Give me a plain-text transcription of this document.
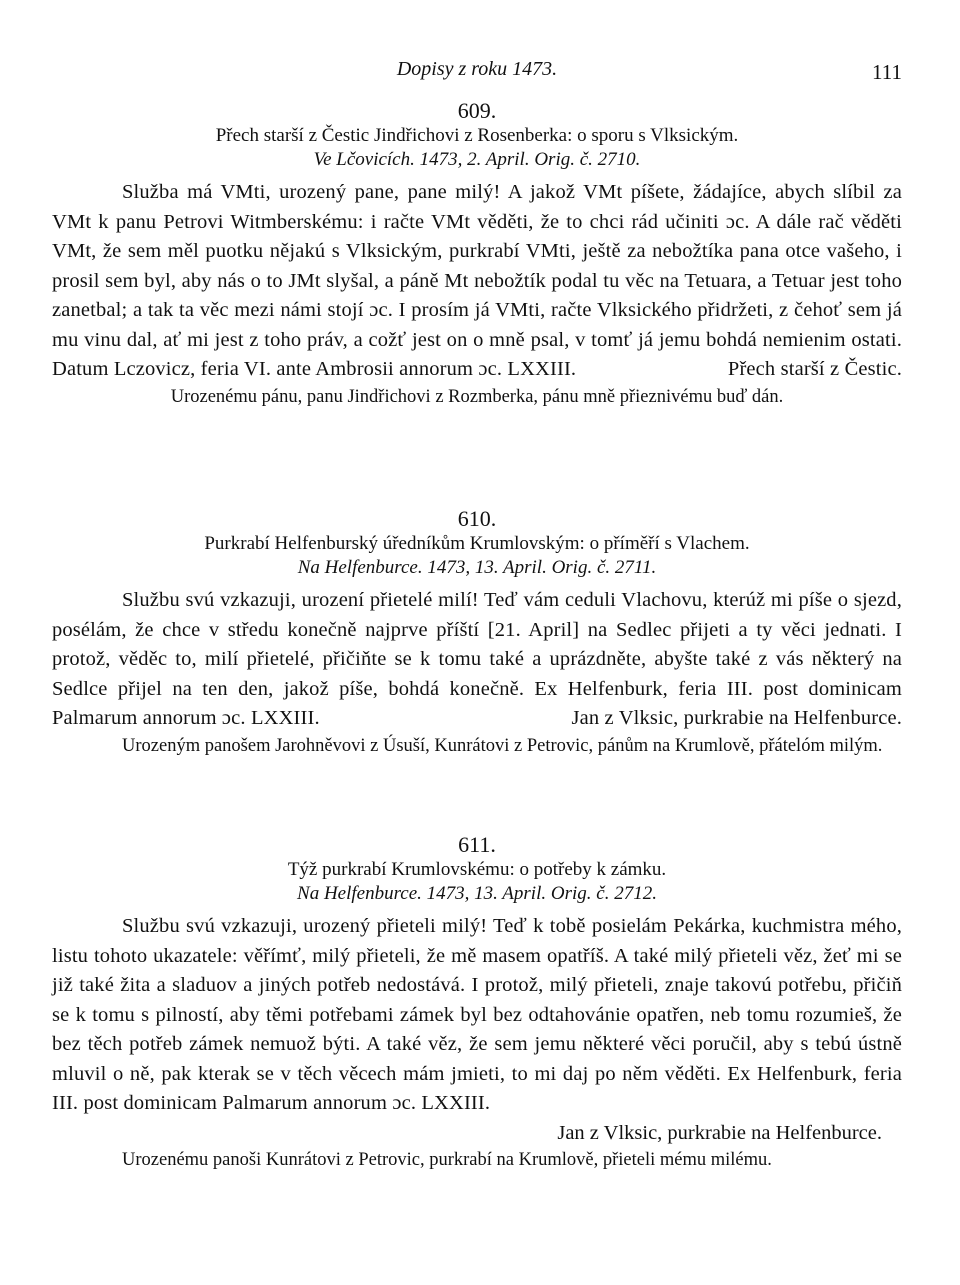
Dopisy z roku 1473.	111

609.

Přech starší z Čestic Jindřichovi z Rosenberka: o sporu s Vlksickým.

Ve Lčovicích. 1473, 2. April. Orig. č. 2710.

Služba má VMti, urozený pane, pane milý! A jakož VMt píšete, žádajíce, abych slíbil za VMt k panu Petrovi Witmberskému: i račte VMt věděti, že to chci rád učiniti ɔc. A dále rač věděti VMt, že sem měl puotku nějakú s Vlksickým, purkrabí VMti, ještě za nebožtíka pana otce vašeho, i prosil sem byl, aby nás o to JMt slyšal, a páně Mt nebožtík podal tu věc na Tetuara, a Tetuar jest toho zanetbal; a tak ta věc mezi námi stojí ɔc. I prosím já VMti, račte Vlksického přidržeti, z čehoť sem já mu vinu dal, ať mi jest z toho práv, a cožť jest on o mně psal, v tomť já jemu bohdá nemienim ostati. Datum Lczovicz, feria VI. ante Ambrosii annorum ɔc. LXXIII.	Přech starší z Čestic.

Urozenému pánu, panu Jindřichovi z Rozmberka, pánu mně přieznivému buď dán.

610.

Purkrabí Helfenburský úředníkům Krumlovským: o příměří s Vlachem.

Na Helfenburce. 1473, 13. April. Orig. č. 2711.

Službu svú vzkazuji, urození přietelé milí! Teď vám ceduli Vlachovu, kterúž mi píše o sjezd, posélám, že chce v středu konečně najprve příští [21. April] na Sedlec přijeti a ty věci jednati. I protož, věděc to, milí přietelé, přičiňte se k tomu také a uprázdněte, abyšte také z vás některý na Sedlce přijel na ten den, jakož píše, bohdá konečně. Ex Helfenburk, feria III. post dominicam Palmarum annorum ɔc. LXXIII.	Jan z Vlksic, purkrabie na Helfenburce.

Urozeným panošem Jarohněvovi z Úsuší, Kunrátovi z Petrovic, pánům na Krumlově, přátelóm milým.

611.

Týž purkrabí Krumlovskému: o potřeby k zámku.

Na Helfenburce. 1473, 13. April. Orig. č. 2712.

Službu svú vzkazuji, urozený přieteli milý! Teď k tobě posielám Pekárka, kuchmistra mého, listu tohoto ukazatele: věřímť, milý přieteli, že mě masem opatříš. A také milý přieteli věz, žeť mi se již také žita a sladuov a jiných potřeb nedostává. I protož, milý přieteli, znaje takovú potřebu, přičiň se k tomu s pilností, aby těmi potřebami zámek byl bez odtahovánie opatřen, neb tomu rozumieš, že bez těch potřeb zámek nemuož býti. A také věz, že sem jemu některé věci poručil, aby s tebú ústně mluvil o ně, pak kterak se v těch věcech mám jmieti, to mi daj po něm věděti. Ex Helfenburk, feria III. post dominicam Palmarum annorum ɔc. LXXIII.

Jan z Vlksic, purkrabie na Helfenburce.

Urozenému panoši Kunrátovi z Petrovic, purkrabí na Krumlově, přieteli mému milému.
